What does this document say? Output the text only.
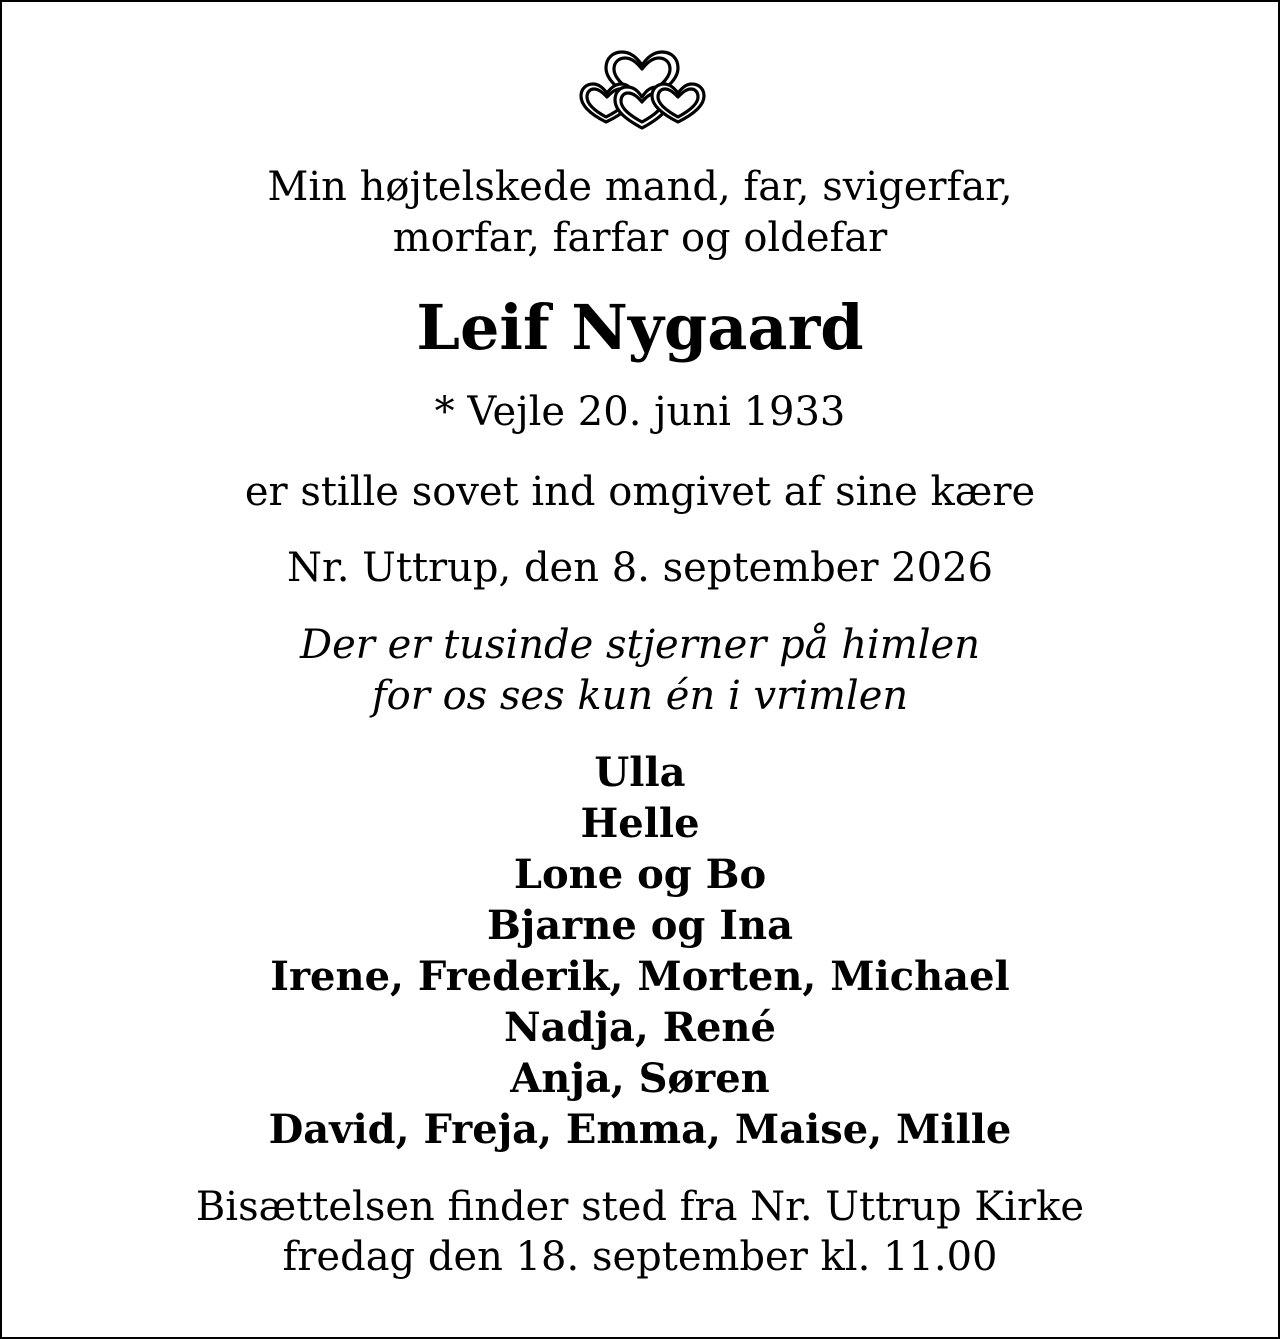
Min højtelskede mand, far, svigerfar,
morfar, farfar og oldefar
Leif Nygaard
* Vejle 20. juni 1933
er stille sovet ind omgivet af sine kære
Nr. Uttrup, den 8. september 2026
Der er tusinde stjerner på himlen
for os ses kun én i vrimlen
Ulla
Helle
Lone og Bo
Bjarne og Ina
Irene, Frederik, Morten, Michael
Nadja, René
Anja, Søren
David, Freja, Emma, Maise, Mille
Bisættelsen finder sted fra Nr. Uttrup Kirke
fredag den 18. september kl. 11.00
